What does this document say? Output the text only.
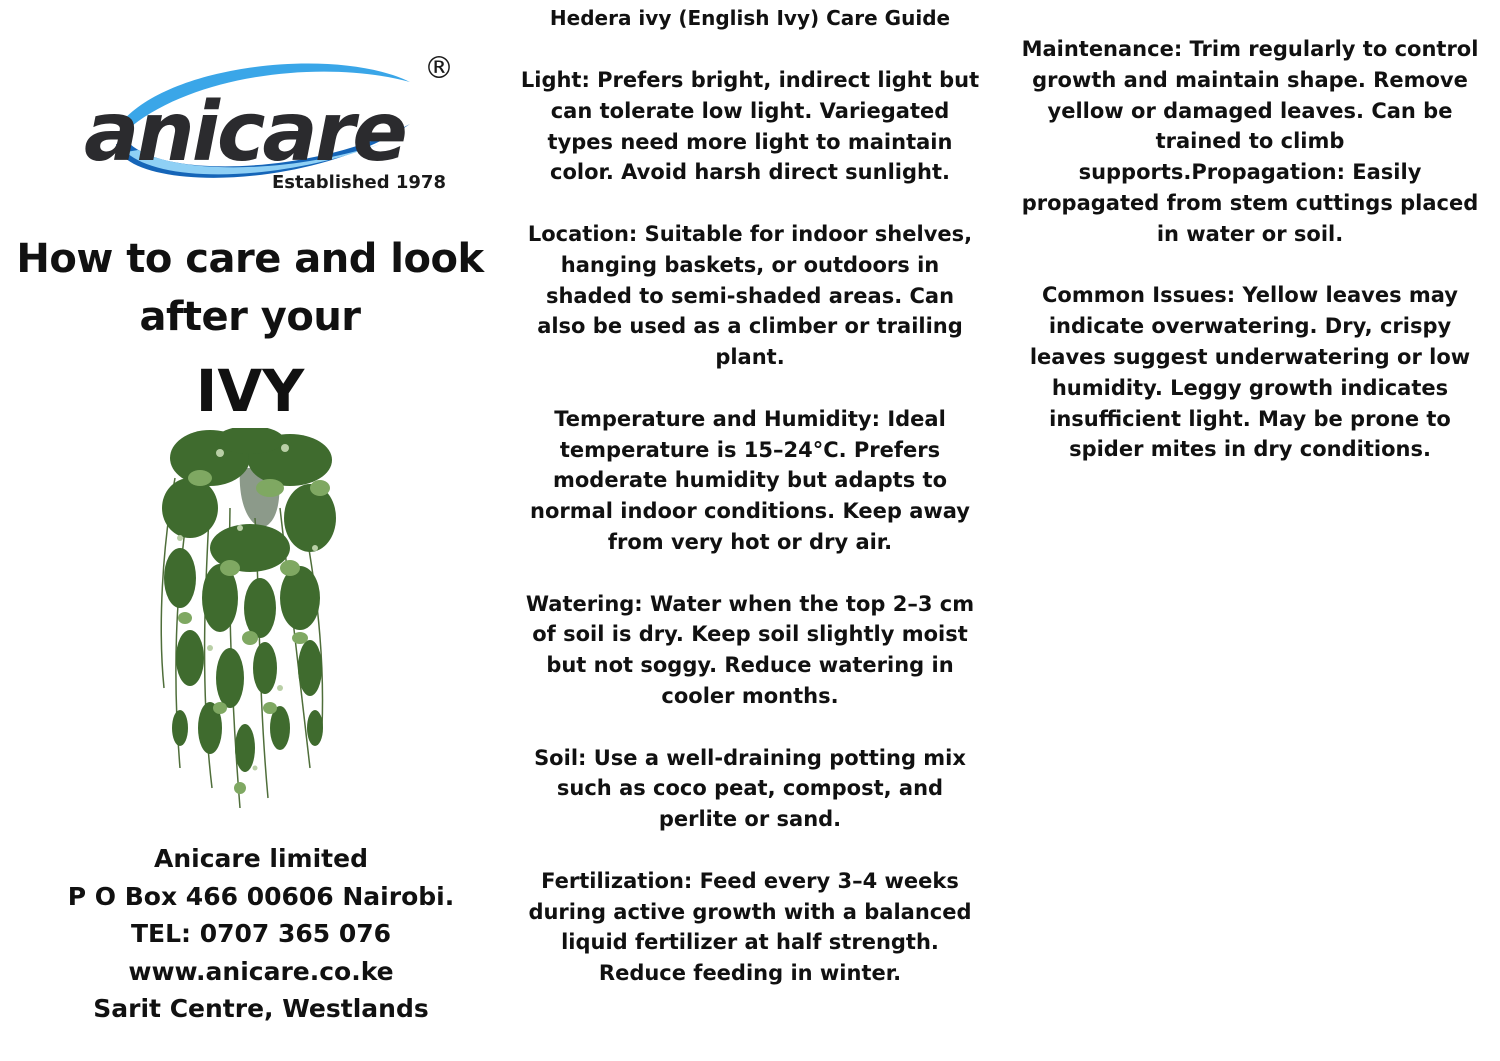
anicare
®
Established 1978
How to care and look
after your
IVY
Anicare limited
P O Box 466 00606 Nairobi.
TEL: 0707 365 076
www.anicare.co.ke
Sarit Centre, Westlands
Hedera ivy (English Ivy) Care Guide

Light: Prefers bright, indirect light but can tolerate low light. Variegated types need more light to maintain color. Avoid harsh direct sunlight.

Location: Suitable for indoor shelves, hanging baskets, or outdoors in shaded to semi-shaded areas. Can also be used as a climber or trailing plant.

Temperature and Humidity: Ideal temperature is 15–24°C. Prefers moderate humidity but adapts to normal indoor conditions. Keep away from very hot or dry air.

Watering: Water when the top 2–3 cm of soil is dry. Keep soil slightly moist but not soggy. Reduce watering in cooler months.

Soil: Use a well-draining potting mix such as coco peat, compost, and perlite or sand.

Fertilization: Feed every 3–4 weeks during active growth with a balanced liquid fertilizer at half strength. Reduce feeding in winter.

Maintenance: Trim regularly to control growth and maintain shape. Remove yellow or damaged leaves. Can be trained to climb supports.Propagation: Easily propagated from stem cuttings placed in water or soil.

Common Issues: Yellow leaves may indicate overwatering. Dry, crispy leaves suggest underwatering or low humidity. Leggy growth indicates insufficient light. May be prone to spider mites in dry conditions.
